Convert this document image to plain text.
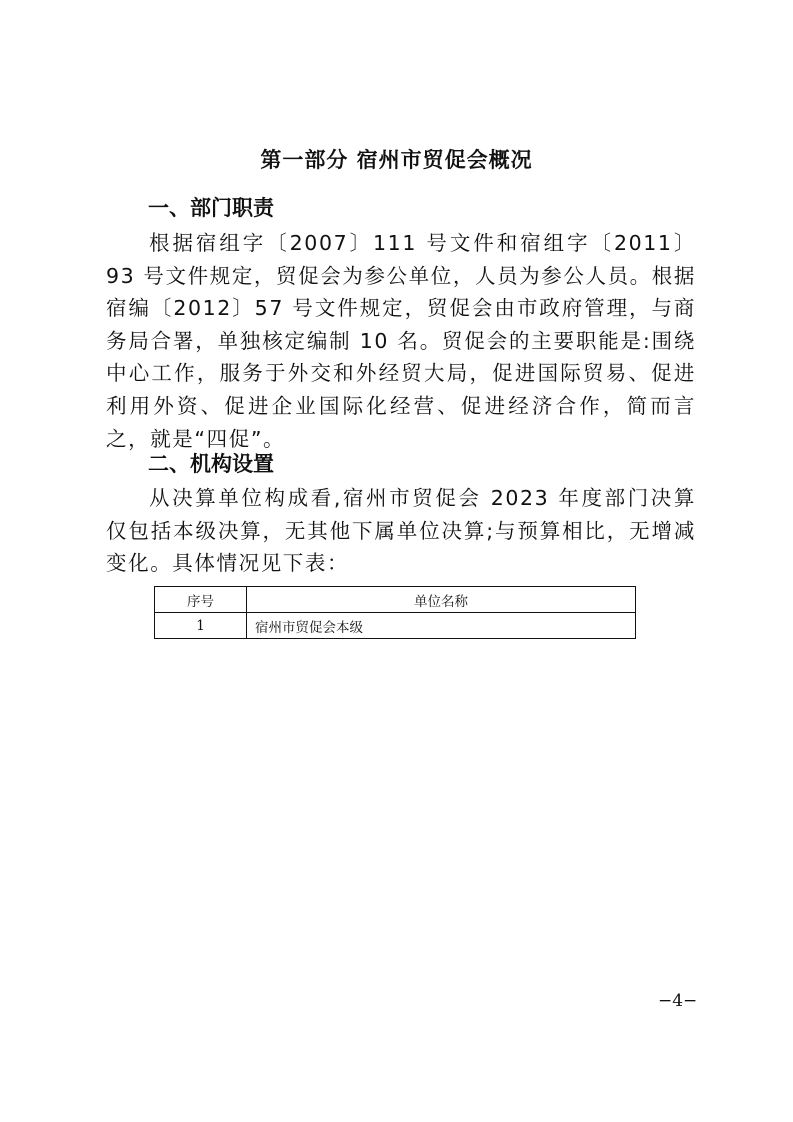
第一部分 宿州市贸促会概况
一、部门职责

根据宿组字〔2007〕111 号文件和宿组字〔2011〕93 号文件规定，贸促会为参公单位，人员为参公人员。根据宿编〔2012〕57 号文件规定，贸促会由市政府管理，与商务局合署，单独核定编制 10 名。贸促会的主要职能是:围绕中心工作，服务于外交和外经贸大局，促进国际贸易、促进利用外资、促进企业国际化经营、促进经济合作，简而言之，就是“四促”。

二、机构设置

从决算单位构成看,宿州市贸促会 2023 年度部门决算仅包括本级决算，无其他下属单位决算;与预算相比，无增减变化。具体情况见下表：

序号	单位名称
1	宿州市贸促会本级
−4−
